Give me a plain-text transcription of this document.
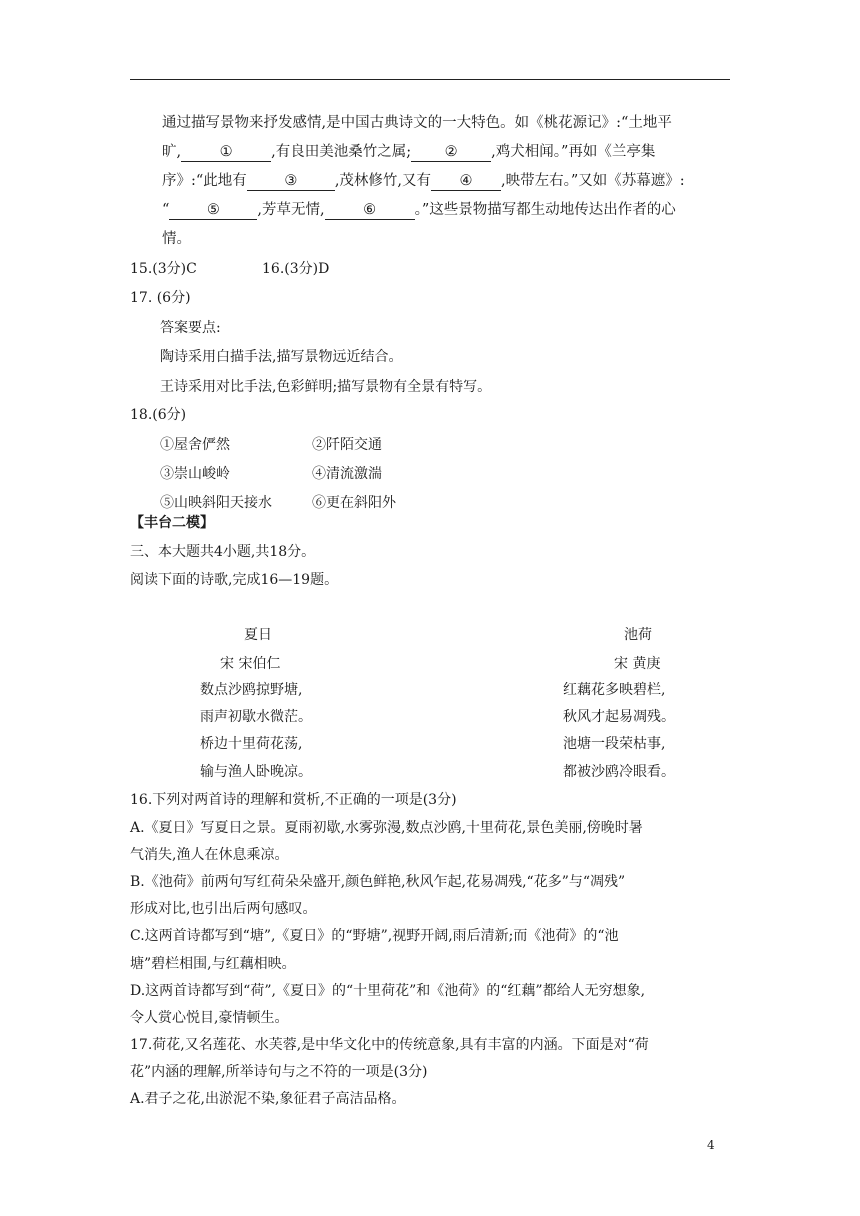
通过描写景物来抒发感情,是中国古典诗文的一大特色。如《桃花源记》:“土地平
旷,	①	,有良田美池桑竹之属; ② ,鸡犬相闻。”再如《兰亭集
序》:“此地有	③	,茂林修竹,又有 ④ ,映带左右。”又如《苏幕遮》:
“	⑤	,芳草无情,	⑥	。”这些景物描写都生动地传达出作者的心
情。
15.(3分)C	16.(3分)D
17. (6分)
答案要点:
陶诗采用白描手法,描写景物远近结合。
王诗采用对比手法,色彩鲜明;描写景物有全景有特写。
18.(6分)
①屋舍俨然	②阡陌交通
③崇山峻岭	④清流激湍
⑤山映斜阳天接水	⑥更在斜阳外
【丰台二模】
三、本大题共4小题,共18分。
阅读下面的诗歌,完成16—19题。
夏日
宋 宋伯仁
数点沙鸥掠野塘,
雨声初歇水微茫。
桥边十里荷花荡,
输与渔人卧晚凉。
池荷
宋 黄庚
红藕花多映碧栏,
秋风才起易凋残。
池塘一段荣枯事,
都被沙鸥冷眼看。
16.下列对两首诗的理解和赏析,不正确的一项是(3分)
A.《夏日》写夏日之景。夏雨初歇,水雾弥漫,数点沙鸥,十里荷花,景色美丽,傍晚时暑
气消失,渔人在休息乘凉。
B.《池荷》前两句写红荷朵朵盛开,颜色鲜艳,秋风乍起,花易凋残,“花多”与“凋残”
形成对比,也引出后两句感叹。
C.这两首诗都写到“塘”,《夏日》的“野塘”,视野开阔,雨后清新;而《池荷》的“池
塘”碧栏相围,与红藕相映。
D.这两首诗都写到“荷”,《夏日》的“十里荷花”和《池荷》的“红藕”都给人无穷想象,
令人赏心悦目,豪情顿生。
17.荷花,又名莲花、水芙蓉,是中华文化中的传统意象,具有丰富的内涵。下面是对“荷
花”内涵的理解,所举诗句与之不符的一项是(3分)
A.君子之花,出淤泥不染,象征君子高洁品格。
4
